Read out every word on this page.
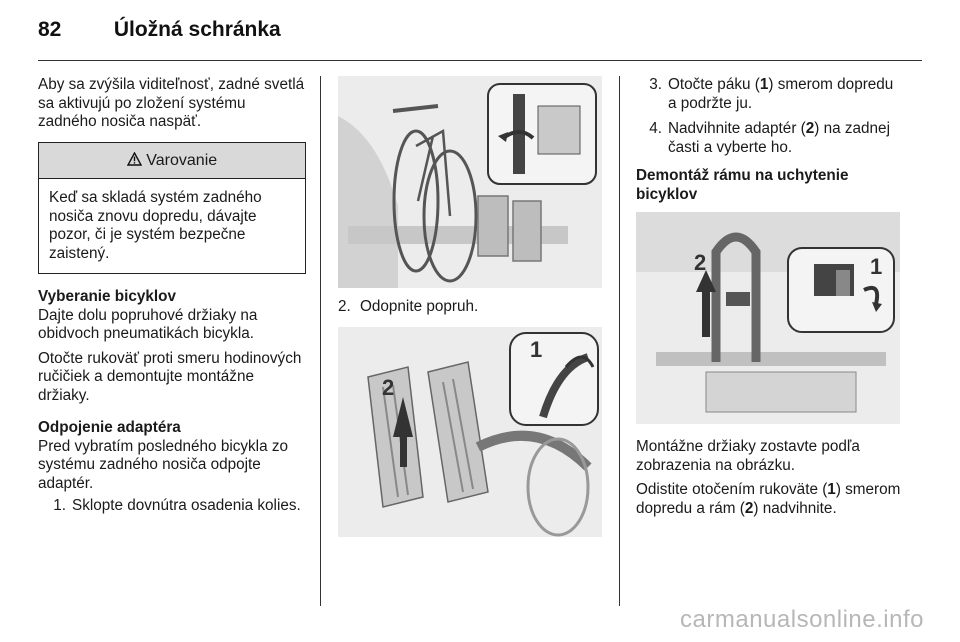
82 Úložná schránka

Aby sa zvýšila viditeľnosť, zadné svetlá sa aktivujú po zložení systému zadného nosiča naspäť.

Varovanie
Keď sa skladá systém zadného nosiča znovu dopredu, dávajte pozor, či je systém bezpečne zaistený.

Vyberanie bicyklov

Dajte dolu popruhové držiaky na obidvoch pneumatikách bicykla.

Otočte rukoväť proti smeru hodinových ručičiek a demontujte montážne držiaky.

Odpojenie adaptéra

Pred vybratím posledného bicykla zo systému zadného nosiča odpojte adaptér.

1. Sklopte dovnútra osadenia kolies.
2. Odopnite popruh.
2
1
3. Otočte páku (1) smerom dopredu a podržte ju.
4. Nadvihnite adaptér (2) na zadnej časti a vyberte ho.

Demontáž rámu na uchytenie bicyklov

2	1

Montážne držiaky zostavte podľa zobrazenia na obrázku.

Odistite otočením rukoväte (1) smerom dopredu a rám (2) nadvihnite.

carmanualsonline.info
